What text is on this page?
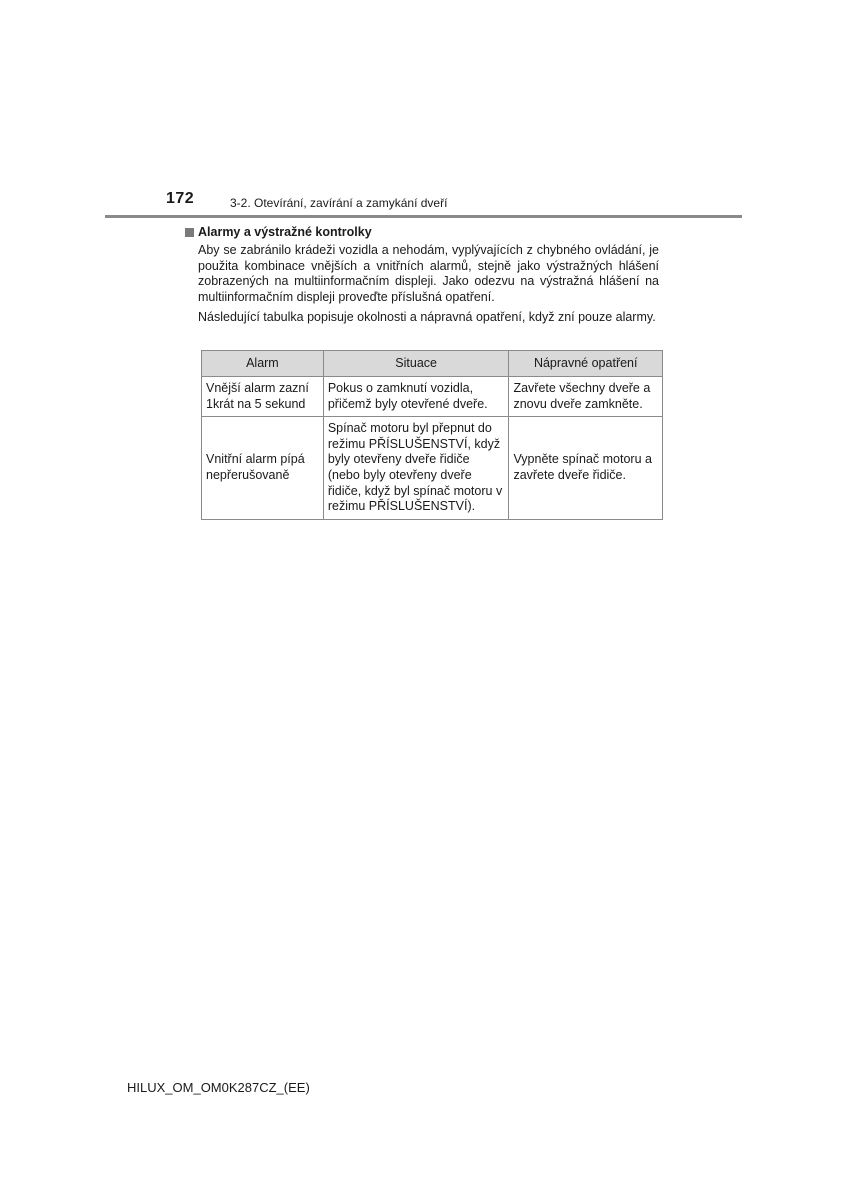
172	3-2. Otevírání, zavírání a zamykání dveří
Alarmy a výstražné kontrolky

Aby se zabránilo krádeži vozidla a nehodám, vyplývajících z chybného ovládání, je použita kombinace vnějších a vnitřních alarmů, stejně jako výstražných hlášení zobrazených na multiinformačním displeji. Jako odezvu na výstražná hlášení na multiinformačním displeji proveďte příslušná opatření.

Následující tabulka popisuje okolnosti a nápravná opatření, když zní pouze alarmy.

Alarm	Situace	Nápravné opatření
Vnější alarm zazní 1krát na 5 sekund	Pokus o zamknutí vozidla, přičemž byly otevřené dveře.	Zavřete všechny dveře a znovu dveře zamkněte.
Vnitřní alarm pípá nepřerušovaně	Spínač motoru byl přepnut do režimu PŘÍSLUŠENSTVÍ, když byly otevřeny dveře řidiče (nebo byly otevřeny dveře řidiče, když byl spínač motoru v režimu PŘÍSLUŠENSTVÍ).	Vypněte spínač motoru a zavřete dveře řidiče.
HILUX_OM_OM0K287CZ_(EE)
